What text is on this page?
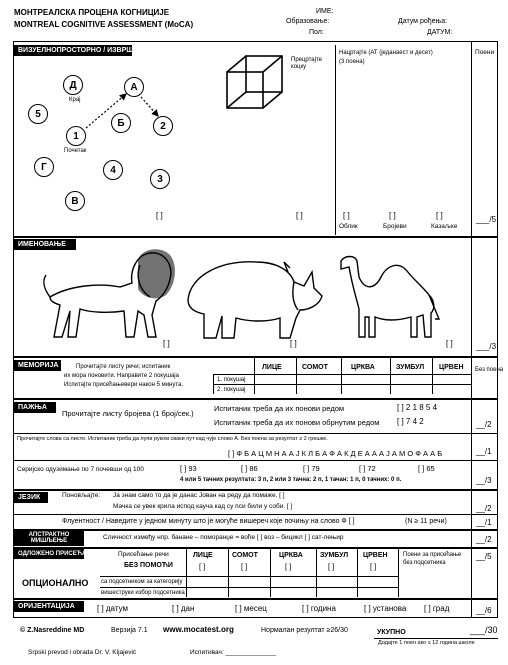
МОНТРЕАЛСКА ПРОЦЕНА КОГНИЦИЈЕ
MONTREAL COGNITIVE ASSESSMENT (MoCA)
ИМЕ:
Образовање:
Пол:
Датум рођења:
ДАТУМ:
Поени
ВИЗУЕЛНОПРОСТОРНО / ИЗВРШНЕ
Д
Крај
А
5
Б	2
1
Почетак
Г	4
3
В
[ ]
Прецртајте коцку
[ ]
Нацртајте (АТ (једанаест и десет)
(3 поена)
[ ]	[ ]	[ ]
Облик	Бројеви	Казаљке
___/5
ИМЕНОВАЊЕ
[ ]	[ ]	[ ]	___/3
МЕМОРИЈА	Прочитајте листу речи; испитаник
их мора поновити. Направите 2 покушаја
Испитајте присећањевери након 5 минута.
ЛИЦЕ	СОМОТ	ЦРКВА	ЗУМБУЛ ЦРВЕН
1. покушај
2. покушај
Без поена
ПАЖЊА
Прочитајте листу бројева (1 број/сек.)
Испитаник треба да их понови редом	[ ] 2 1 8 5 4
Испитаник треба да их понови обрнутим редом [ ] 7 4 2	__/2
Прочитајте слова са листе. Испитаник треба да лупи руком сваки пут кад чује слово А. Без поена за резултат ≥ 2 грешке.
[ ] Ф Б А Ц М Н А А Ј К Л Б А Ф А К Д Е А А А Ј А М О Ф А А Б	__/1
Серијско одузимање по 7 почевши од 100	[ ] 93	[ ] 86	[ ] 79	[ ] 72	[ ] 65
4 или 5 тачних резултата: 3 п, 2 или 3 тачна: 2 п, 1 тачан: 1 п, 0 тачних: 0 п.	__/3
ЈЕЗИК	Поновљајте: Ја знам само то да је данас Јован на реду да помаже. [ ]
Мачка се увек крила испод кауча кад су пси били у соби. [ ]	__/2
Флуентност / Наведите у једном минуту што је могуће вишереч које почињу на слово Ф [ ]	(N ≥ 11 речи)	__/1
АПСТРАКТНО МИШЉЕЊЕ
Сличност између нпр. банане – поморанџе = воће [ ] воз – бицикл [ ] сат-лењир	__/2
ОДЛОЖЕНО ПРИСЕЋАЊЕ	Присећање речи
БЕЗ ПОМОЋИ
ЛИЦЕ	СОМОТ	ЦРКВА ЗУМБУЛ ЦРВЕН
[ ]	[ ]	[ ]	[ ]	[ ]
Поени за присећање без подсетника
ОПЦИОНАЛНО са подсетником за категорију
вишеструки избор подсетника
__/5
ОРИЈЕНТАЦИЈА	[ ] датум	[ ] дан	[ ] месец	[ ] година	[ ] установа [ ] град	__/6
© Z.Nasreddine MD	Верзија 7.1 www.mocatest.org	Нормалан резултат ≥26/30	УКУПНО	___/30
Додајте 1 поен ако ≤ 12 година школе
Srpski prevod i obrada Dr. V. Kljajević	Испитивач: ______________
